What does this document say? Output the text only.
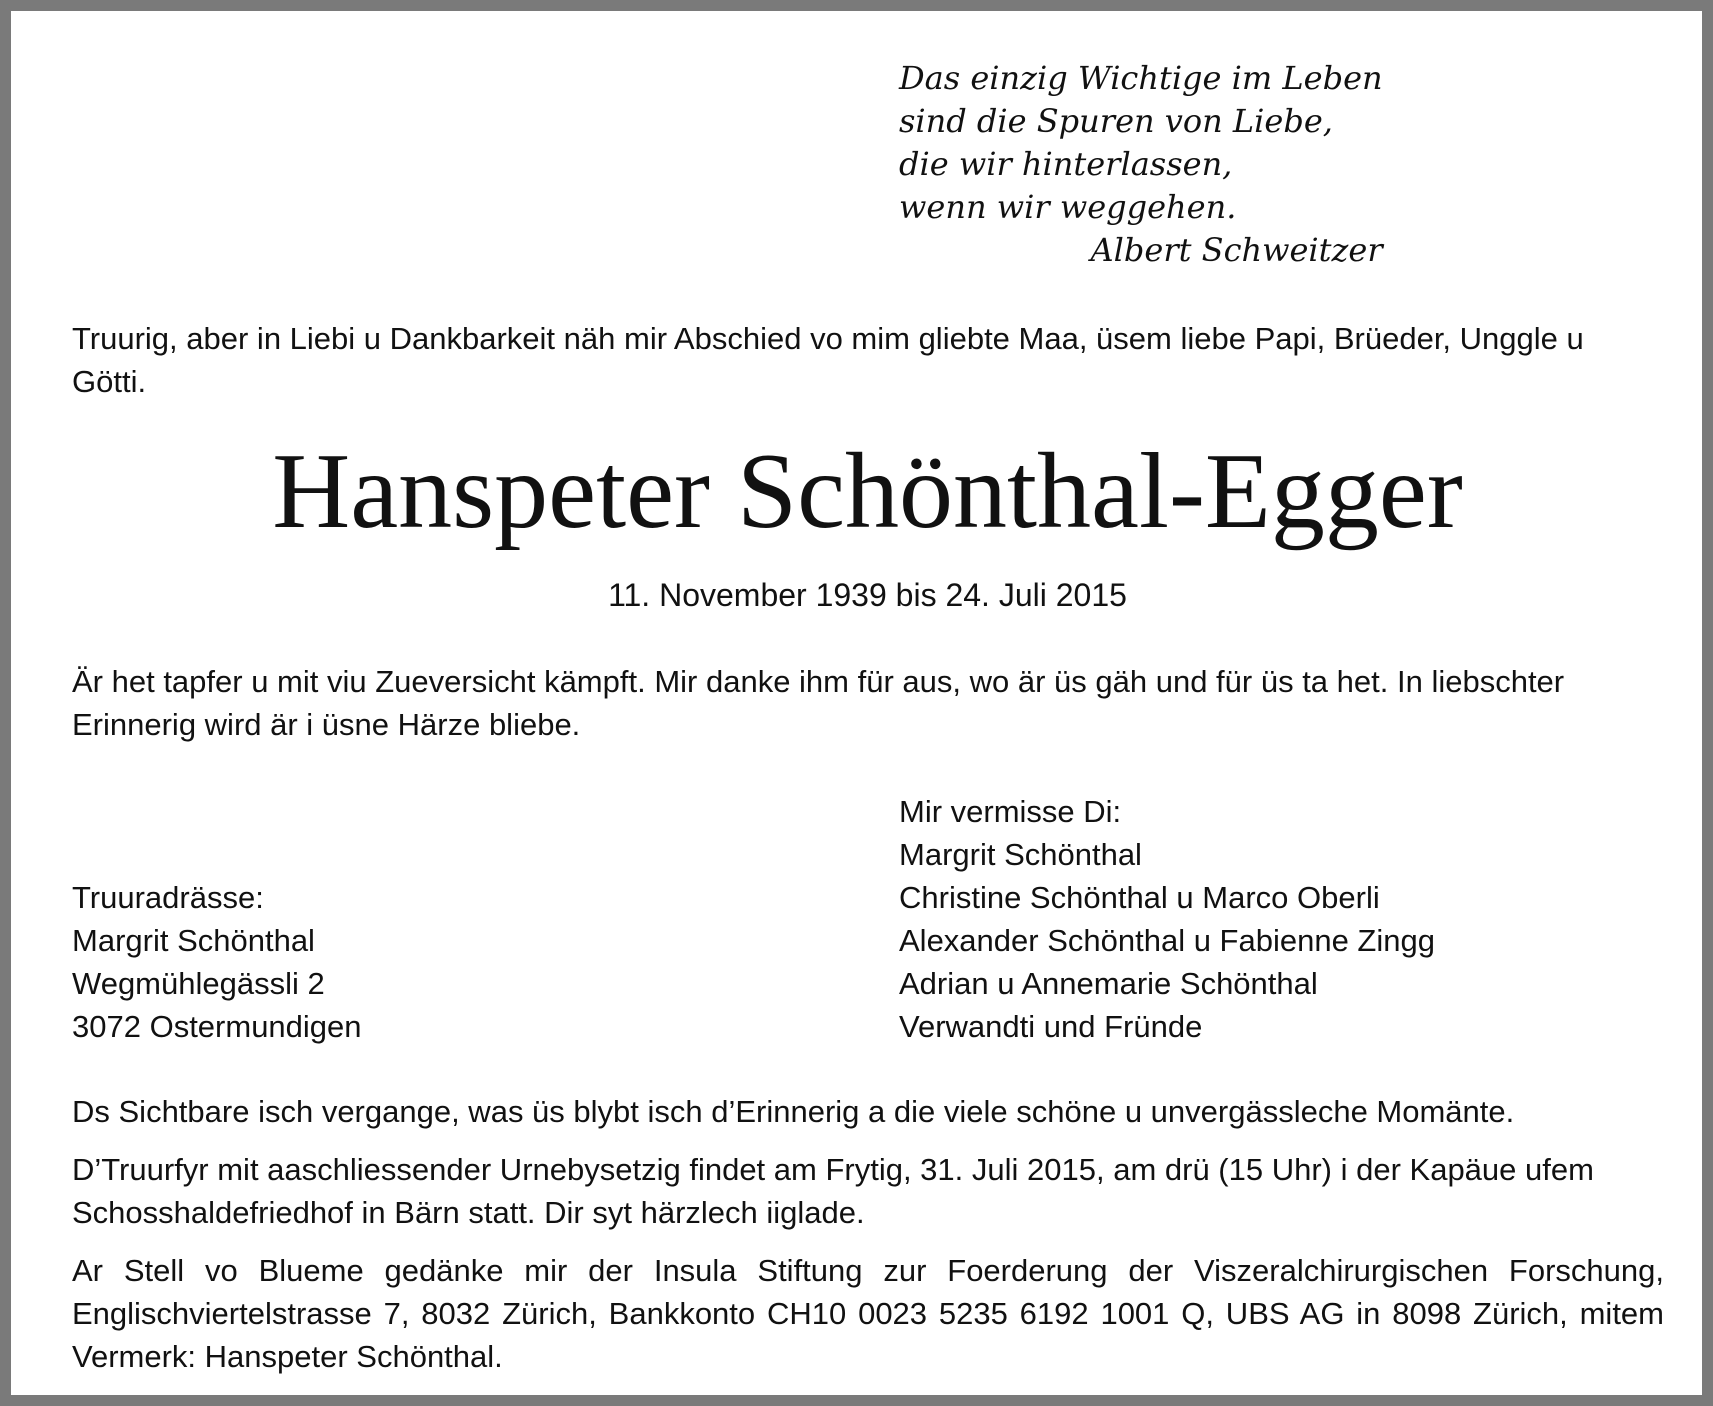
Das einzig Wichtige im Leben
sind die Spuren von Liebe,
die wir hinterlassen,
wenn wir weggehen.
Albert Schweitzer
Truurig, aber in Liebi u Dankbarkeit näh mir Abschied vo mim gliebte Maa, üsem liebe Papi, Brüeder, Unggle u Götti.
Hanspeter Schönthal-Egger
11. November 1939 bis 24. Juli 2015
Är het tapfer u mit viu Zueversicht kämpft. Mir danke ihm für aus, wo är üs gäh und für üs ta het. In liebschter Erinnerig wird är i üsne Härze bliebe.
Mir vermisse Di:
Margrit Schönthal
Christine Schönthal u Marco Oberli
Alexander Schönthal u Fabienne Zingg
Adrian u Annemarie Schönthal
Verwandti und Fründe
Truuradrässe:
Margrit Schönthal
Wegmühlegässli 2
3072 Ostermundigen
Ds Sichtbare isch vergange, was üs blybt isch d’Erinnerig a die viele schöne u unvergässleche Momänte.
D’Truurfyr mit aaschliessender Urnebysetzig findet am Frytig, 31. Juli 2015, am drü (15 Uhr) i der Kapäue ufem Schosshaldefriedhof in Bärn statt. Dir syt härzlech iiglade.
Ar Stell vo Blueme gedänke mir der Insula Stiftung zur Foerderung der Viszeralchirurgischen Forschung, Englischviertelstrasse 7, 8032 Zürich, Bankkonto CH10 0023 5235 6192 1001 Q, UBS AG in 8098 Zürich, mitem Vermerk: Hanspeter Schönthal.
